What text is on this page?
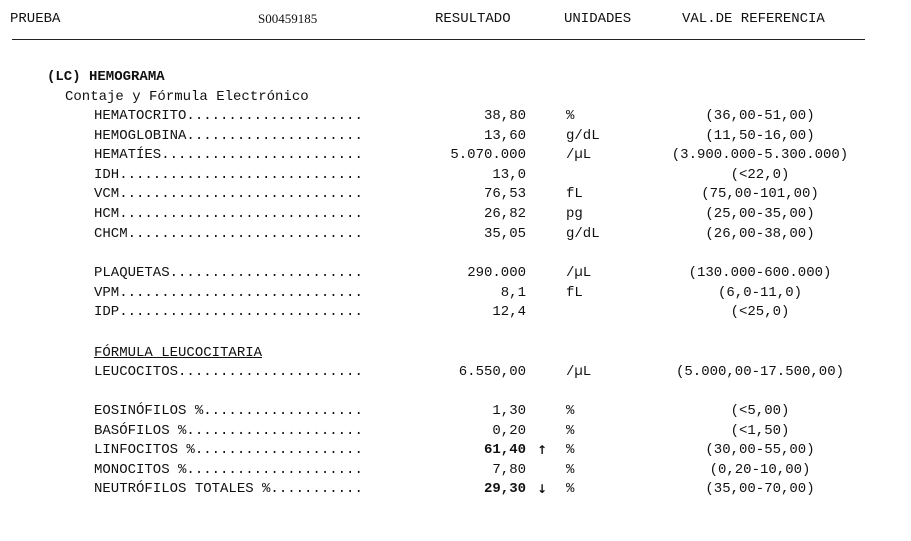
PRUEBA	S00459185	RESULTADO	UNIDADES	VAL.DE REFERENCIA
(LC) HEMOGRAMA
Contaje y Fórmula Electrónico
HEMATOCRITO.....................	38,80	%	(36,00-51,00)
HEMOGLOBINA.....................	13,60	g/dL	(11,50-16,00)
HEMATÍES........................	5.070.000	/µL	(3.900.000-5.300.000)
IDH.............................	13,0	(<22,0)
VCM.............................	76,53	fL	(75,00-101,00)
HCM.............................	26,82	pg	(25,00-35,00)
CHCM............................	35,05	g/dL	(26,00-38,00)
PLAQUETAS.......................	290.000	/µL	(130.000-600.000)
VPM.............................	8,1	fL	(6,0-11,0)
IDP.............................	12,4	(<25,0)
FÓRMULA LEUCOCITARIA
LEUCOCITOS......................	6.550,00	/µL	(5.000,00-17.500,00)
EOSINÓFILOS %...................	1,30	%	(<5,00)
BASÓFILOS %.....................	0,20	%	(<1,50)
LINFOCITOS %....................	61,40 ↑ %	(30,00-55,00)
MONOCITOS %.....................	7,80	%	(0,20-10,00)
NEUTRÓFILOS TOTALES %...........	29,30 ↓ %	(35,00-70,00)
